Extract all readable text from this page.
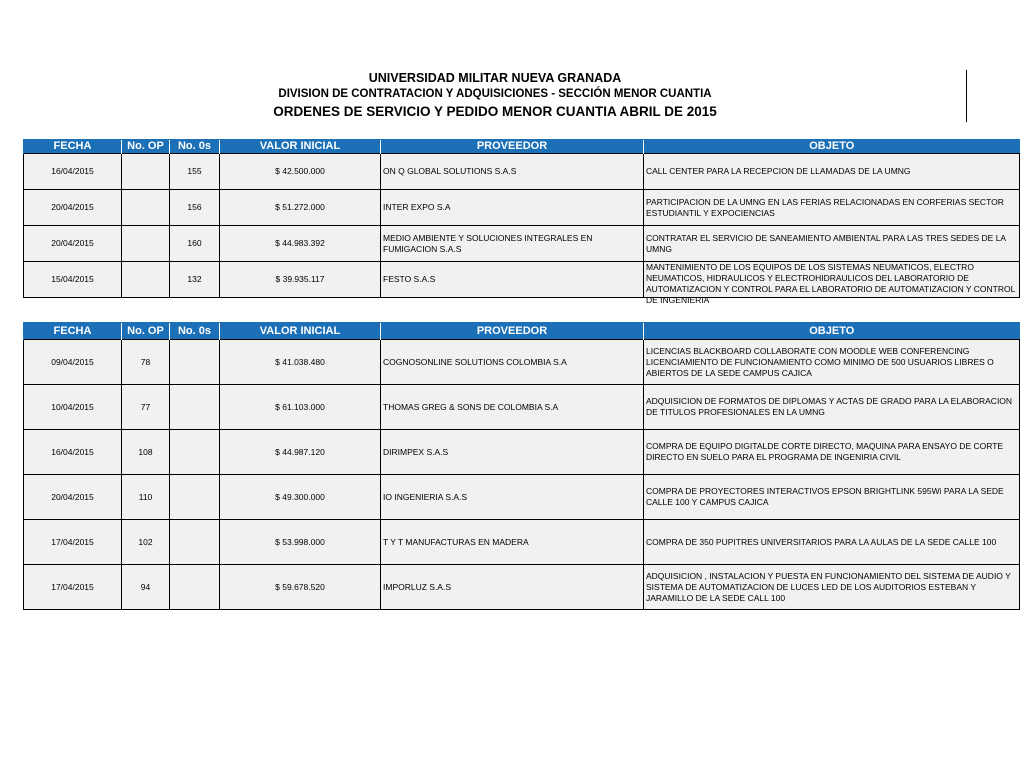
UNIVERSIDAD MILITAR NUEVA GRANADA
DIVISION DE CONTRATACION Y ADQUISICIONES - SECCIÓN MENOR CUANTIA
ORDENES DE SERVICIO Y PEDIDO MENOR CUANTIA ABRIL DE 2015
FECHA	No. OP	No. 0s	VALOR INICIAL	PROVEEDOR	OBJETO

16/04/2015		155	$ 42.500.000	ON Q GLOBAL SOLUTIONS S.A.S	CALL CENTER PARA LA RECEPCION DE LLAMADAS DE LA UMNG

20/04/2015		156	$ 51.272.000	INTER EXPO S.A	PARTICIPACION DE LA UMNG EN LAS FERIAS RELACIONADAS EN CORFERIAS SECTOR ESTUDIANTIL Y EXPOCIENCIAS

20/04/2015		160	$ 44.983.392	MEDIO AMBIENTE Y SOLUCIONES INTEGRALES EN FUMIGACION S.A.S	CONTRATAR EL SERVICIO DE SANEAMIENTO AMBIENTAL PARA LAS TRES SEDES DE LA UMNG

15/04/2015		132	$ 39.935.117	FESTO S.A.S	MANTENIMIENTO DE LOS EQUIPOS DE LOS SISTEMAS NEUMATICOS, ELECTRO NEUMATICOS, HIDRAULICOS Y ELECTROHIDRAULICOS DEL LABORATORIO DE AUTOMATIZACION Y CONTROL PARA EL LABORATORIO DE AUTOMATIZACION Y CONTROL DE INGENIERIA
FECHA	No. OP	No. 0s	VALOR INICIAL	PROVEEDOR	OBJETO

09/04/2015	78		$ 41.038.480	COGNOSONLINE SOLUTIONS COLOMBIA S.A	LICENCIAS BLACKBOARD COLLABORATE CON MOODLE WEB CONFERENCING LICENCIAMIENTO DE FUNCIONAMIENTO COMO MINIMO DE 500 USUARIOS LIBRES O ABIERTOS DE LA SEDE CAMPUS CAJICA

10/04/2015	77		$ 61.103.000	THOMAS GREG & SONS DE COLOMBIA S.A	ADQUISICION DE FORMATOS DE DIPLOMAS Y ACTAS DE GRADO PARA LA ELABORACION DE TITULOS PROFESIONALES EN LA UMNG

16/04/2015	108		$ 44.987.120	DIRIMPEX S.A.S	COMPRA DE EQUIPO DIGITALDE CORTE DIRECTO, MAQUINA PARA ENSAYO DE CORTE DIRECTO EN SUELO PARA EL PROGRAMA DE INGENIRIA CIVIL

20/04/2015	110		$ 49.300.000	IO INGENIERIA S.A.S	COMPRA DE PROYECTORES INTERACTIVOS EPSON BRIGHTLINK 595Wi PARA LA SEDE CALLE 100 Y CAMPUS CAJICA

17/04/2015	102		$ 53.998.000	T Y T MANUFACTURAS EN MADERA	COMPRA DE 350 PUPITRES UNIVERSITARIOS PARA LA AULAS DE LA SEDE CALLE 100

17/04/2015	94		$ 59.678.520	IMPORLUZ S.A.S	ADQUISICION , INSTALACION Y PUESTA EN FUNCIONAMIENTO DEL SISTEMA DE AUDIO Y SISTEMA DE AUTOMATIZACION DE LUCES LED DE LOS AUDITORIOS ESTEBAN Y JARAMILLO DE LA SEDE CALL 100
